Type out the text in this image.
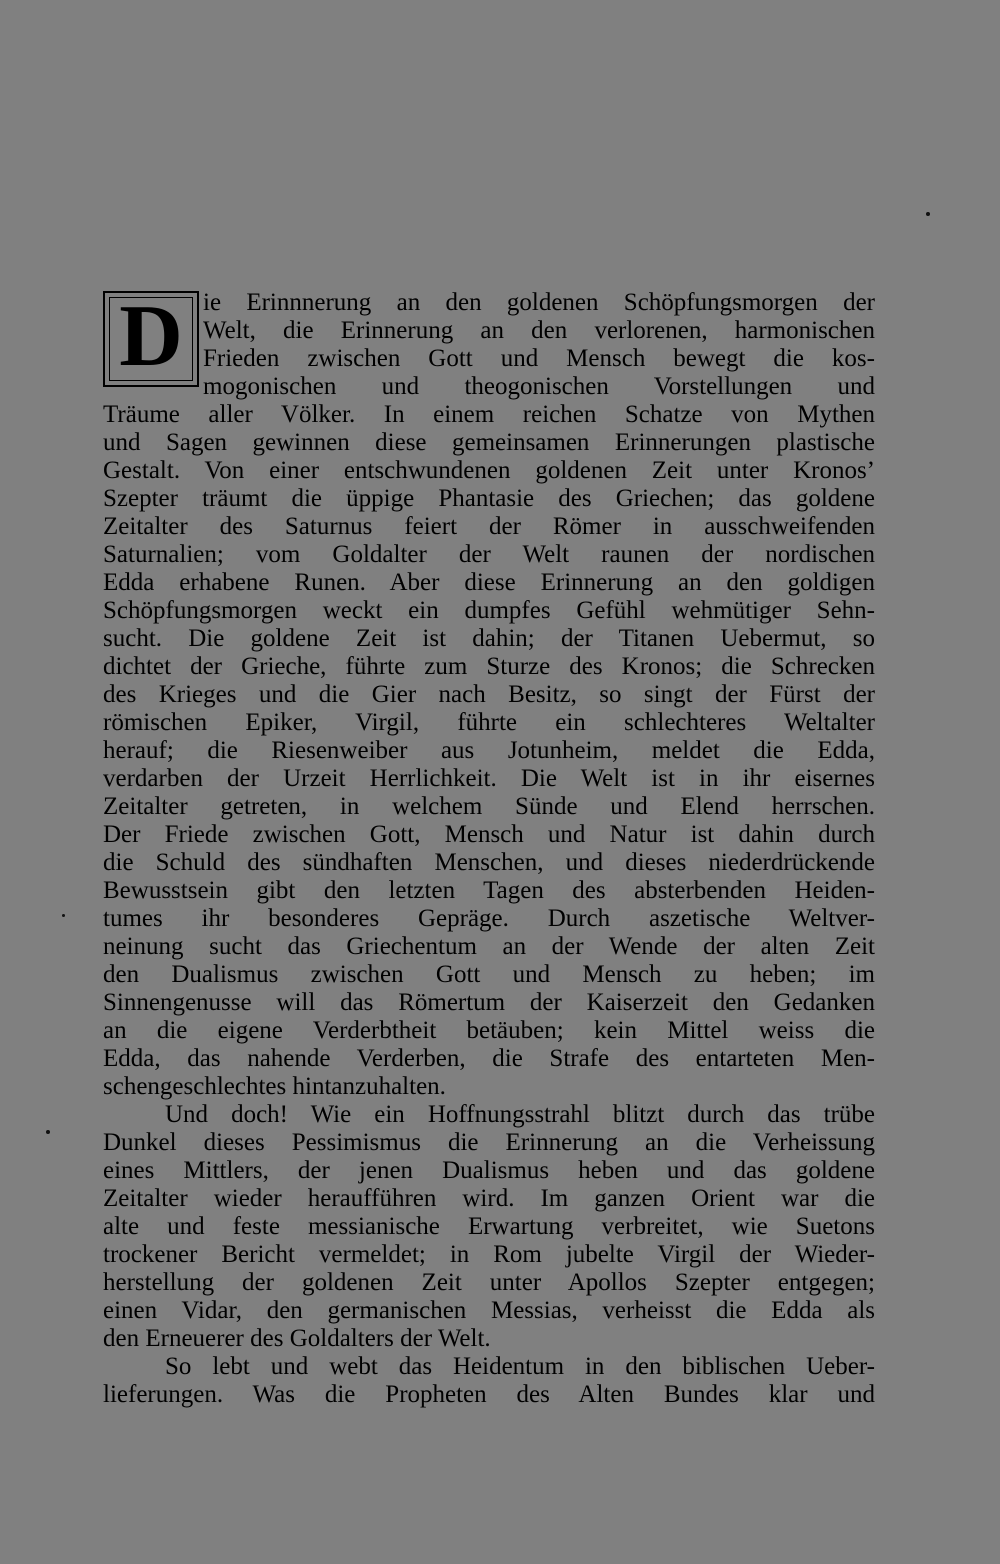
D ie Erinnnerung an den goldenen Schöpfungsmorgen der
Welt, die Erinnerung an den verlorenen, harmonischen
Frieden zwischen Gott und Mensch bewegt die kos-
mogonischen und theogonischen Vorstellungen und
Träume aller Völker. In einem reichen Schatze von Mythen
und Sagen gewinnen diese gemeinsamen Erinnerungen plastische
Gestalt. Von einer entschwundenen goldenen Zeit unter Kronos’
Szepter träumt die üppige Phantasie des Griechen; das goldene
Zeitalter des Saturnus feiert der Römer in ausschweifenden
Saturnalien; vom Goldalter der Welt raunen der nordischen
Edda erhabene Runen. Aber diese Erinnerung an den goldigen
Schöpfungsmorgen weckt ein dumpfes Gefühl wehmütiger Sehn-
sucht. Die goldene Zeit ist dahin; der Titanen Uebermut, so
dichtet der Grieche, führte zum Sturze des Kronos; die Schrecken
des Krieges und die Gier nach Besitz, so singt der Fürst der
römischen Epiker, Virgil, führte ein schlechteres Weltalter
herauf; die Riesenweiber aus Jotunheim, meldet die Edda,
verdarben der Urzeit Herrlichkeit. Die Welt ist in ihr eisernes
Zeitalter getreten, in welchem Sünde und Elend herrschen.
Der Friede zwischen Gott, Mensch und Natur ist dahin durch
die Schuld des sündhaften Menschen, und dieses niederdrückende
Bewusstsein gibt den letzten Tagen des absterbenden Heiden-
tumes ihr besonderes Gepräge. Durch aszetische Weltver-
neinung sucht das Griechentum an der Wende der alten Zeit
den Dualismus zwischen Gott und Mensch zu heben; im
Sinnengenusse will das Römertum der Kaiserzeit den Gedanken
an die eigene Verderbtheit betäuben; kein Mittel weiss die
Edda, das nahende Verderben, die Strafe des entarteten Men-
schengeschlechtes hintanzuhalten.
Und doch! Wie ein Hoffnungsstrahl blitzt durch das trübe
Dunkel dieses Pessimismus die Erinnerung an die Verheissung
eines Mittlers, der jenen Dualismus heben und das goldene
Zeitalter wieder heraufführen wird. Im ganzen Orient war die
alte und feste messianische Erwartung verbreitet, wie Suetons
trockener Bericht vermeldet; in Rom jubelte Virgil der Wieder-
herstellung der goldenen Zeit unter Apollos Szepter entgegen;
einen Vidar, den germanischen Messias, verheisst die Edda als
den Erneuerer des Goldalters der Welt.
So lebt und webt das Heidentum in den biblischen Ueber-
lieferungen. Was die Propheten des Alten Bundes klar und
